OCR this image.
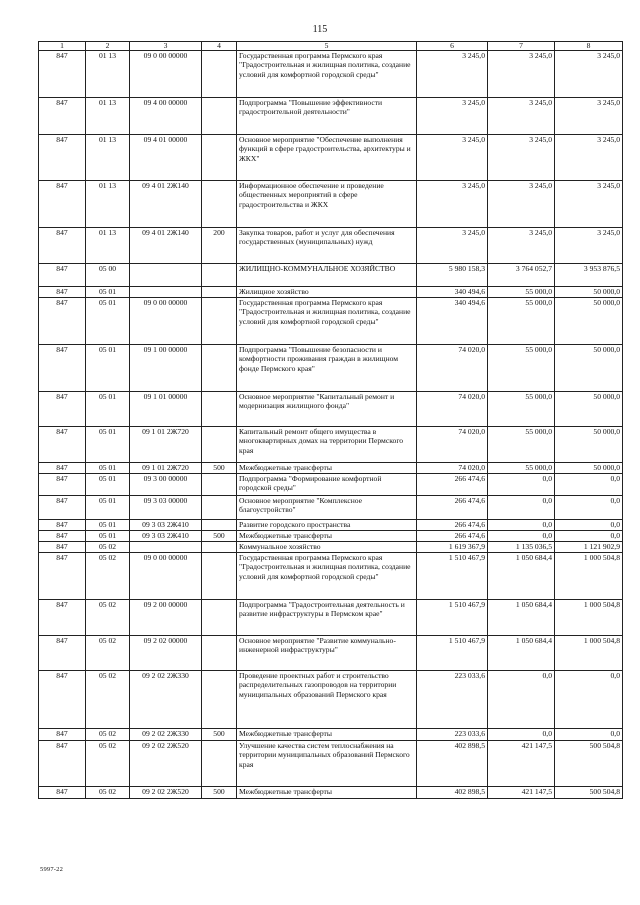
115
1	2	3	4	5	6	7	8
847	01 13	09 0 00 00000		Государственная программа Пермского края "Градостроительная и жилищная политика, создание условий для комфортной городской среды"	3 245,0	3 245,0	3 245,0
847	01 13	09 4 00 00000		Подпрограмма "Повышение эффективности градостроительной деятельности"	3 245,0	3 245,0	3 245,0
847	01 13	09 4 01 00000		Основное мероприятие "Обеспечение выполнения функций в сфере градостроительства, архитектуры и ЖКХ"	3 245,0	3 245,0	3 245,0
847	01 13	09 4 01 2Ж140		Информационное обеспечение и проведение общественных мероприятий в сфере градостроительства и ЖКХ	3 245,0	3 245,0	3 245,0
847	01 13	09 4 01 2Ж140	200	Закупка товаров, работ и услуг для обеспечения государственных (муниципальных) нужд	3 245,0	3 245,0	3 245,0
847	05 00			ЖИЛИЩНО-КОММУНАЛЬНОЕ ХОЗЯЙСТВО	5 980 158,3	3 764 052,7	3 953 876,5
847	05 01			Жилищное хозяйство	340 494,6	55 000,0	50 000,0
847	05 01	09 0 00 00000		Государственная программа Пермского края "Градостроительная и жилищная политика, создание условий для комфортной городской среды"	340 494,6	55 000,0	50 000,0
847	05 01	09 1 00 00000		Подпрограмма "Повышение безопасности и комфортности проживания граждан в жилищном фонде Пермского края"	74 020,0	55 000,0	50 000,0
847	05 01	09 1 01 00000		Основное мероприятие "Капитальный ремонт и модернизация жилищного фонда"	74 020,0	55 000,0	50 000,0
847	05 01	09 1 01 2Ж720		Капитальный ремонт общего имущества в многоквартирных домах на территории Пермского края	74 020,0	55 000,0	50 000,0
847	05 01	09 1 01 2Ж720	500	Межбюджетные трансферты	74 020,0	55 000,0	50 000,0
847	05 01	09 3 00 00000		Подпрограмма "Формирование комфортной городской среды"	266 474,6	0,0	0,0
847	05 01	09 3 03 00000		Основное мероприятие "Комплексное благоустройство"	266 474,6	0,0	0,0
847	05 01	09 3 03 2Ж410		Развитие городского пространства	266 474,6	0,0	0,0
847	05 01	09 3 03 2Ж410	500	Межбюджетные трансферты	266 474,6	0,0	0,0
847	05 02			Коммунальное хозяйство	1 619 367,9	1 135 036,5	1 121 902,9
847	05 02	09 0 00 00000		Государственная программа Пермского края "Градостроительная и жилищная политика, создание условий для комфортной городской среды"	1 510 467,9	1 050 684,4	1 000 504,8
847	05 02	09 2 00 00000		Подпрограмма "Градостроительная деятельность и развитие инфраструктуры в Пермском крае"	1 510 467,9	1 050 684,4	1 000 504,8
847	05 02	09 2 02 00000		Основное мероприятие "Развитие коммунально-инженерной инфраструктуры"	1 510 467,9	1 050 684,4	1 000 504,8
847	05 02	09 2 02 2Ж330		Проведение проектных работ и строительство распределительных газопроводов на территории муниципальных образований Пермского края	223 033,6	0,0	0,0
847	05 02	09 2 02 2Ж330	500	Межбюджетные трансферты	223 033,6	0,0	0,0
847	05 02	09 2 02 2Ж520		Улучшение качества систем теплоснабжения на территории муниципальных образований Пермского края	402 898,5	421 147,5	500 504,8
847	05 02	09 2 02 2Ж520	500	Межбюджетные трансферты	402 898,5	421 147,5	500 504,8
5997-22
